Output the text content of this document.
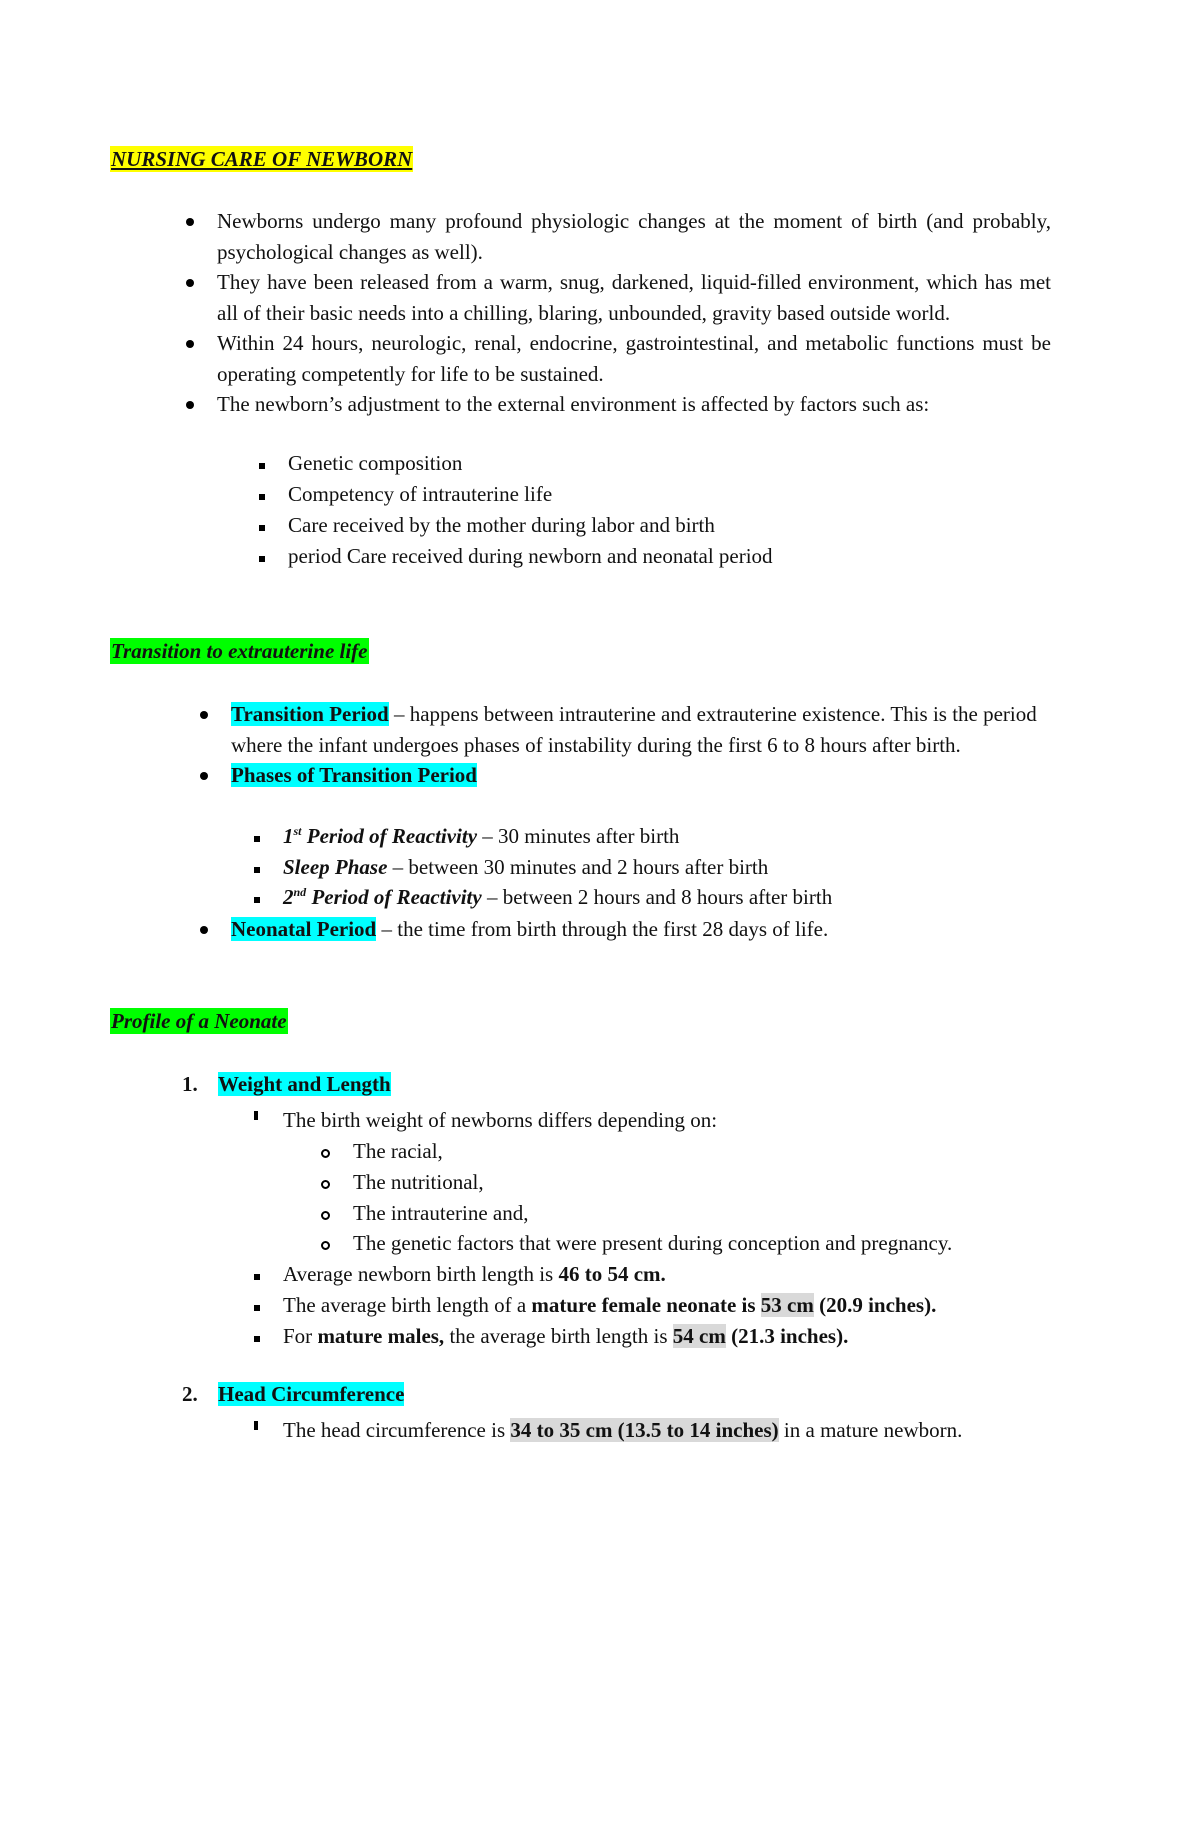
NURSING CARE OF NEWBORN
Newborns undergo many profound physiologic changes at the moment of birth (and probably, psychological changes as well).
They have been released from a warm, snug, darkened, liquid-filled environment, which has met all of their basic needs into a chilling, blaring, unbounded, gravity based outside world.
Within 24 hours, neurologic, renal, endocrine, gastrointestinal, and metabolic functions must be operating competently for life to be sustained.
The newborn’s adjustment to the external environment is affected by factors such as:
Genetic composition
Competency of intrauterine life
Care received by the mother during labor and birth
period Care received during newborn and neonatal period
Transition to extrauterine life
Transition Period – happens between intrauterine and extrauterine existence. This is the period where the infant undergoes phases of instability during the first 6 to 8 hours after birth.
Phases of Transition Period
1st Period of Reactivity – 30 minutes after birth
Sleep Phase – between 30 minutes and 2 hours after birth
2nd Period of Reactivity – between 2 hours and 8 hours after birth
Neonatal Period – the time from birth through the first 28 days of life.
Profile of a Neonate
1. Weight and Length
The birth weight of newborns differs depending on:
The racial,
The nutritional,
The intrauterine and,
The genetic factors that were present during conception and pregnancy.
Average newborn birth length is 46 to 54 cm.
The average birth length of a mature female neonate is 53 cm (20.9 inches).
For mature males, the average birth length is 54 cm (21.3 inches).
2. Head Circumference
The head circumference is 34 to 35 cm (13.5 to 14 inches) in a mature newborn.
